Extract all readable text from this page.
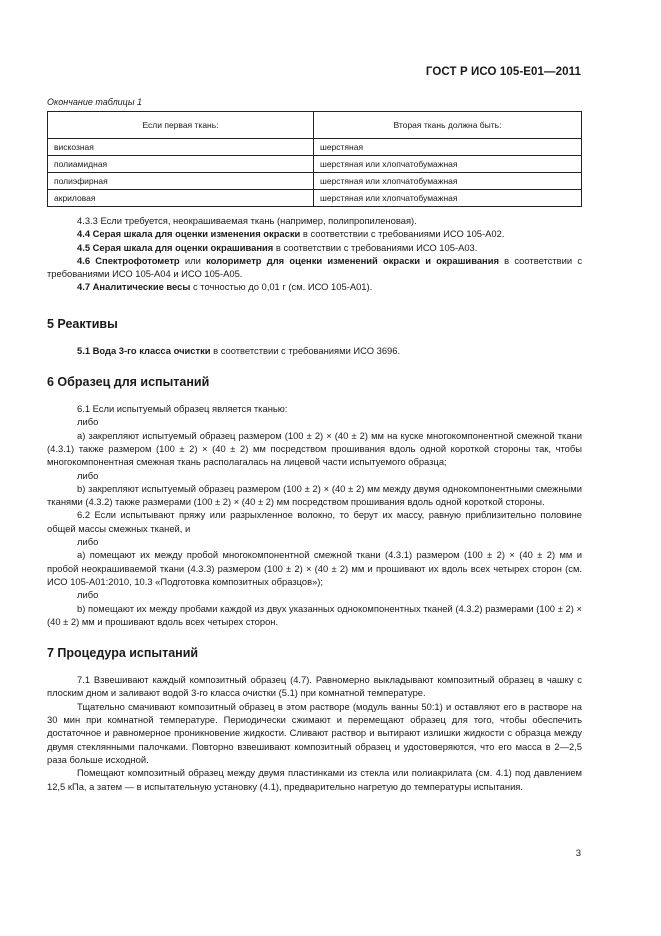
ГОСТ Р ИСО 105-E01—2011
Окончание таблицы 1
Если первая ткань:	Вторая ткань должна быть:
вискозная	шерстяная
полиамидная	шерстяная или хлопчатобумажная
полиэфирная	шерстяная или хлопчатобумажная
акриловая	шерстяная или хлопчатобумажная

4.3.3 Если требуется, неокрашиваемая ткань (например, полипропиленовая).

4.4 Серая шкала для оценки изменения окраски в соответствии с требованиями ИСО 105-A02.

4.5 Серая шкала для оценки окрашивания в соответствии с требованиями ИСО 105-A03.

4.6 Спектрофотометр или колориметр для оценки изменений окраски и окрашивания в соответствии с требованиями ИСО 105-A04 и ИСО 105-A05.

4.7 Аналитические весы с точностью до 0,01 г (см. ИСО 105-A01).

5 Реактивы

5.1 Вода 3-го класса очистки в соответствии с требованиями ИСО 3696.

6 Образец для испытаний

6.1 Если испытуемый образец является тканью:

либо

a) закрепляют испытуемый образец размером (100 ± 2) × (40 ± 2) мм на куске многокомпонентной смежной ткани (4.3.1) также размером (100 ± 2) × (40 ± 2) мм посредством прошивания вдоль одной короткой стороны так, чтобы многокомпонентная смежная ткань располагалась на лицевой части испытуемого образца;

либо

b) закрепляют испытуемый образец размером (100 ± 2) × (40 ± 2) мм между двумя однокомпонентными смежными тканями (4.3.2) также размерами (100 ± 2) × (40 ± 2) мм посредством прошивания вдоль одной короткой стороны.

6.2 Если испытывают пряжу или разрыхленное волокно, то берут их массу, равную приблизительно половине общей массы смежных тканей, и

либо

a) помещают их между пробой многокомпонентной смежной ткани (4.3.1) размером (100 ± 2) × (40 ± 2) мм и пробой неокрашиваемой ткани (4.3.3) размером (100 ± 2) × (40 ± 2) мм и прошивают их вдоль всех четырех сторон (см. ИСО 105-A01:2010, 10.3 «Подготовка композитных образцов»);

либо

b) помещают их между пробами каждой из двух указанных однокомпонентных тканей (4.3.2) размерами (100 ± 2) × (40 ± 2) мм и прошивают вдоль всех четырех сторон.

7 Процедура испытаний

7.1 Взвешивают каждый композитный образец (4.7). Равномерно выкладывают композитный образец в чашку с плоским дном и заливают водой 3-го класса очистки (5.1) при комнатной температуре.

Тщательно смачивают композитный образец в этом растворе (модуль ванны 50:1) и оставляют его в растворе на 30 мин при комнатной температуре. Периодически сжимают и перемещают образец для того, чтобы обеспечить достаточное и равномерное проникновение жидкости. Сливают раствор и вытирают излишки жидкости с образца между двумя стеклянными палочками. Повторно взвешивают композитный образец и удостоверяются, что его масса в 2—2,5 раза больше исходной.

Помещают композитный образец между двумя пластинками из стекла или полиакрилата (см. 4.1) под давлением 12,5 кПа, а затем — в испытательную установку (4.1), предварительно нагретую до температуры испытания.

3
